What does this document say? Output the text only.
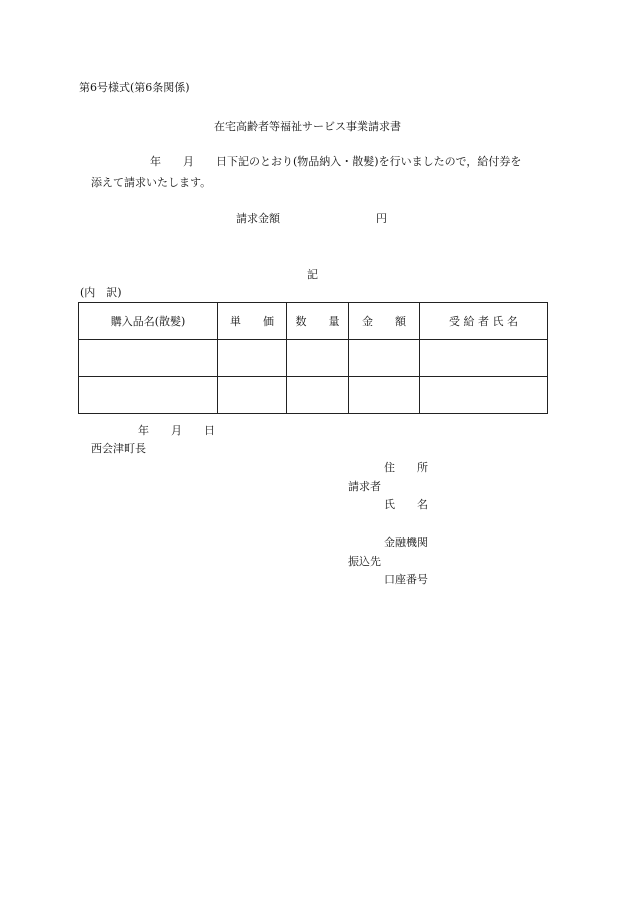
第6号様式(第6条関係)
在宅高齢者等福祉サービス事業請求書
年 月 日下記のとおり(物品納入・散髪)を行いましたので，給付券を
添えて請求いたします。
請求金額	円
記
(内　訳)
購入品名(散髪)	単　　価	数　　量	金　　額	受 給 者 氏 名

年 月 日
西会津町長
住　　所
請求者
氏　　名
金融機関
振込先
口座番号
